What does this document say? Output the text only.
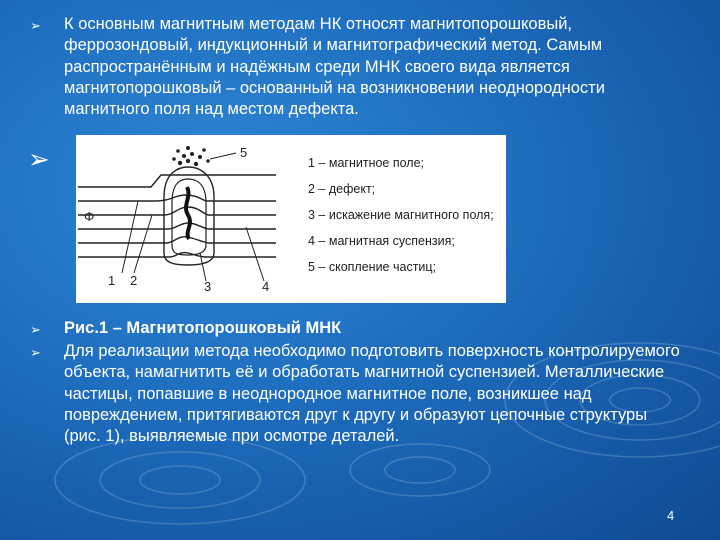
➢ К основным магнитным методам НК относят магнитопорошковый, феррозондовый, индукционный и магнитографический метод. Самым распространённым и надёжным среди МНК своего вида является магнитопорошковый – основанный на возникновении неоднородности магнитного поля над местом дефекта.
➢
Φ
5
1 2	3	4
1 – магнитное поле;
2 – дефект;
3 – искажение магнитного поля;
4 – магнитная суспензия;
5 – скопление частиц;
➢ Рис.1 – Магнитопорошковый МНК
➢ Для реализации метода необходимо подготовить поверхность контролируемого объекта, намагнитить её и обработать магнитной суспензией. Металлические частицы, попавшие в неоднородное магнитное поле, возникшее над повреждением, притягиваются друг к другу и образуют цепочные структуры (рис. 1), выявляемые при осмотре деталей.
4
